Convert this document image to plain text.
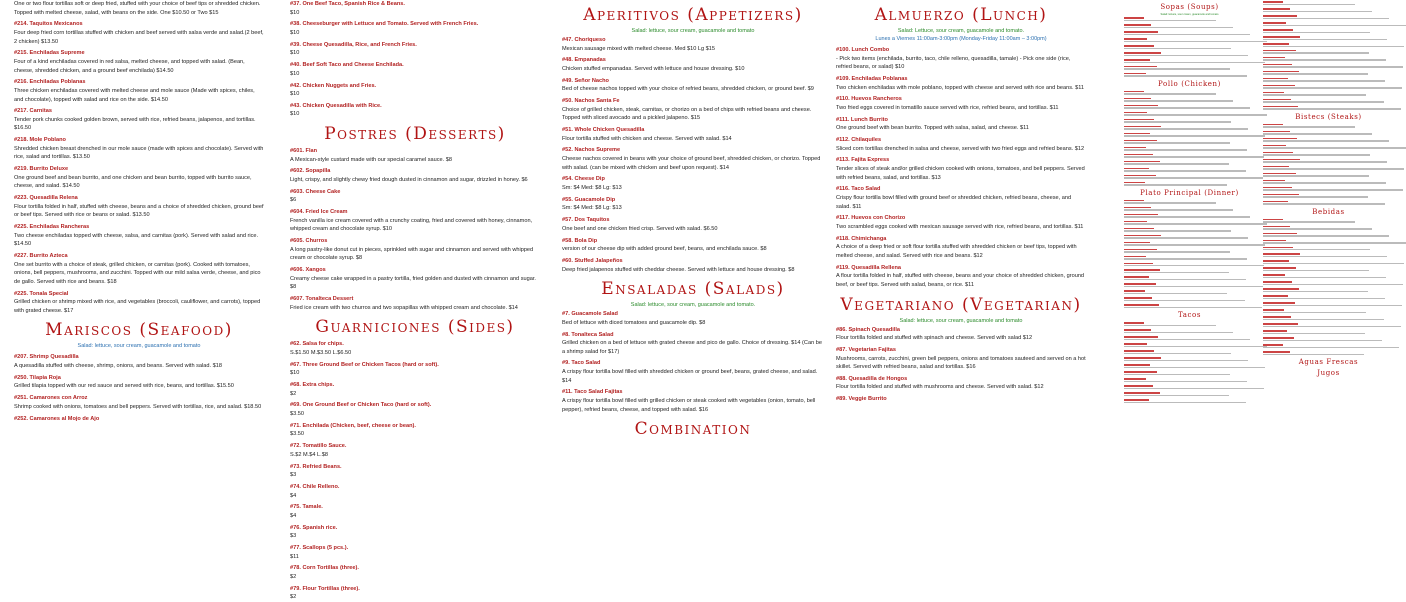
One or two flour tortillas soft or deep fried, stuffed with your choice of beef tips or shredded chicken. Topped with melted cheese, salad, with beans on the side. One $10.50 or Two $15
#214. Taquitos Mexicanos
Four deep fried corn tortillas stuffed with chicken and beef served with salsa verde and salad.(2 beef, 2 chicken) $13.50
#215. Enchiladas Supreme
Four of a kind enchiladas covered in red salsa, melted cheese, and topped with salad. (Bean, cheese, shredded chicken, and a ground beef enchilada) $14.50
#216. Enchiladas Poblanas
Three chicken enchiladas covered with melted cheese and mole sauce (Made with spices, chiles, and chocolate), topped with salad and rice on the side. $14.50
#217. Carnitas
Tender pork chunks cooked golden brown, served with rice, refried beans, jalapenos, and tortillas. $16.50
#218. Mole Poblano
Shredded chicken breast drenched in our mole sauce (made with spices and chocolate). Served with rice, salad and tortillas. $13.50
#219. Burrito Deluxe
One ground beef and bean burrito, and one chicken and bean burrito, topped with burrito sauce, cheese, and salad. $14.50
#223. Quesadilla Relena
Flour tortilla folded in half, stuffed with cheese, beans and a choice of shredded chicken, ground beef or beef tips. Served with rice or beans or salad. $13.50
#225. Enchiladas Rancheras
Two cheese enchiladas topped with cheese, salsa, and carnitas (pork). Served with salad and rice. $14.50
#227. Burrito Azteca
One set burrito with a choice of steak, grilled chicken, or carnitas (pork). Cooked with tomatoes, onions, bell peppers, mushrooms, and zucchini. Topped with our mild salsa verde, cheese, and pico de gallo. Served with rice and beans. $18
#225. Tonala Special
Grilled chicken or shrimp mixed with rice, and vegetables (broccoli, cauliflower, and carrots), topped with grated cheese. $17
Mariscos (Seafood)
Salad: lettuce, sour cream, guacamole and tomato
#207. Shrimp Quesadilla
A quesadilla stuffed with cheese, shrimp, onions, and beans. Served with salad. $18
#250. Tilapia Roja
Grilled tilapia topped with our red sauce and served with rice, beans, and tortillas. $15.50
#251. Camarones con Arroz
Shrimp cooked with onions, tomatoes and bell peppers. Served with tortillas, rice, and salad. $18.50
#252. Camarones al Mojo de Ajo
#37. One Beef Taco, Spanish Rice & Beans.
$10
#38. Cheeseburger with Lettuce and Tomato. Served with French Fries.
$10
#39. Cheese Quesadilla, Rice, and French Fries.
$10
#40. Beef Soft Taco and Cheese Enchilada.
$10
#42. Chicken Nuggets and Fries.
$10
#43. Chicken Quesadilla with Rice.
$10
Postres (Desserts)
#601. Flan
A Mexican-style custard made with our special caramel sauce. $8
#602. Sopapilla
Light, crispy, and slightly chewy fried dough dusted in cinnamon and sugar, drizzled in honey. $6
#603. Cheese Cake
$6
#604. Fried Ice Cream
French vanilla ice cream covered with a crunchy coating, fried and covered with honey, cinnamon, whipped cream and chocolate syrup. $10
#605. Churros
A long pastry-like donut cut in pieces, sprinkled with sugar and cinnamon and served with whipped cream or chocolate syrup. $8
#606. Xangos
Creamy cheese cake wrapped in a pastry tortilla, fried golden and dusted with cinnamon and sugar. $8
#607. Tonalteca Dessert
Fried ice cream with two churros and two sopapillas with whipped cream and chocolate. $14
Guarniciones (Sides)
#62. Salsa for chips.
S.$1.50 M.$3.50 L.$6.50
#67. Three Ground Beef or Chicken Tacos (hard or soft).
$10
#68. Extra chips.
$2
#69. One Ground Beef or Chicken Taco (hard or soft).
$3.50
#71. Enchilada (Chicken, beef, cheese or bean).
$3.50
#72. Tomatillo Sauce.
S.$2 M.$4 L.$8
#73. Refried Beans.
$3
#74. Chile Relleno.
$4
#75. Tamale.
$4
#76. Spanish rice.
$3
#77. Scallops (5 pcs.).
$11
#78. Corn Tortillas (three).
$2
#79. Flour Tortillas (three).
$2
Aperitivos (Appetizers)
Salad: lettuce, sour cream, guacamole and tomato
#47. Choriqueso
Mexican sausage mixed with melted cheese. Med $10 Lg $15
#48. Empanadas
Chicken stuffed empanadas. Served with lettuce and house dressing. $10
#49. Señor Nacho
Bed of cheese nachos topped with your choice of refried beans, shredded chicken, or ground beef. $9
#50. Nachos Santa Fe
Choice of grilled chicken, steak, carnitas, or chorizo on a bed of chips with refried beans and cheese. Topped with sliced avocado and a pickled jalapeno. $15
#51. Whole Chicken Quesadilla
Flour tortilla stuffed with chicken and cheese. Served with salad. $14
#52. Nachos Supreme
Cheese nachos covered in beans with your choice of ground beef, shredded chicken, or chorizo. Topped with salad. (can be mixed with chicken and beef upon request). $14
#54. Cheese Dip
Sm: $4 Med: $8 Lg: $13
#55. Guacamole Dip
Sm: $4 Med: $8 Lg: $13
#57. Dos Taquitos
One beef and one chicken fried crisp. Served with salad. $6.50
#58. Bola Dip
version of our cheese dip with added ground beef, beans, and enchilada sauce. $8
#60. Stuffed Jalapeños
Deep fried jalapenos stuffed with cheddar cheese. Served with lettuce and house dressing. $8
Ensaladas (Salads)
Salad: lettuce, sour cream, guacamole and tomato.
#7. Guacamole Salad
Bed of lettuce with diced tomatoes and guacamole dip. $8
#8. Tonalteca Salad
Grilled chicken on a bed of lettuce with grated cheese and pico de gallo. Choice of dressing. $14 (Can be a shrimp salad for $17)
#9. Taco Salad
A crispy flour tortilla bowl filled with shredded chicken or ground beef, beans, grated cheese, and salad. $14
#11. Taco Salad Fajitas
A crispy flour tortilla bowl filled with grilled chicken or steak cooked with vegetables (onion, tomato, bell pepper), refried beans, cheese, and topped with salad. $16
Combination
Almuerzo (Lunch)
Salad: Lettuce, sour cream, guacamole and tomato.
Lunes a Viernes 11:00am-3:00pm (Monday-Friday 11:00am – 3:00pm)
#100. Lunch Combo
- Pick two items (enchilada, burrito, taco, chile relleno, quesadilla, tamale) - Pick one side (rice, refried beans, or salad) $10
#109. Enchiladas Poblanas
Two chicken enchiladas with mole poblano, topped with cheese and served with rice and beans. $11
#110. Huevos Rancheros
Two fried eggs covered in tomatillo sauce served with rice, refried beans, and tortillas. $11
#111. Lunch Burrito
One ground beef with bean burrito. Topped with salsa, salad, and cheese. $11
#112. Chilaquiles
Sliced corn tortillas drenched in salsa and cheese, served with two fried eggs and refried beans. $12
#113. Fajita Express
Tender slices of steak and/or grilled chicken cooked with onions, tomatoes, and bell peppers. Served with refried beans, salad, and tortillas. $13
#116. Taco Salad
Crispy flour tortilla bowl filled with ground beef or shredded chicken, refried beans, cheese, and salad. $11
#117. Huevos con Chorizo
Two scrambled eggs cooked with mexican sausage served with rice, refried beans, and tortillas. $11
#118. Chimichanga
A choice of a deep fried or soft flour tortilla stuffed with shredded chicken or beef tips, topped with melted cheese, and salad. Served with rice and beans. $12
#119. Quesadilla Rellena
A flour tortilla folded in half, stuffed with cheese, beans and your choice of shredded chicken, ground beef, or beef tips. Served with salad, beans, or rice. $11
Vegetariano (Vegetarian)
Salad: lettuce, sour cream, guacamole and tomato
#86. Spinach Quesadilla
Flour tortilla folded and stuffed with spinach and cheese. Served with salad $12
#87. Vegetarian Fajitas
Mushrooms, carrots, zucchini, green bell peppers, onions and tomatoes sauteed and served on a hot skillet. Served with refried beans, salad and tortillas. $16
#88. Quesadilla de Hongos
Flour tortilla folded and stuffed with mushrooms and cheese. Served with salad. $12
#89. Veggie Burrito
Sopas (Soups)
Salad: lettuce, sour cream, guacamole and tomato
Pollo (Chicken)
Plato Principal (Dinner)
Tacos
Bistecs (Steaks)
Bebidas
Aguas Frescas
Jugos
